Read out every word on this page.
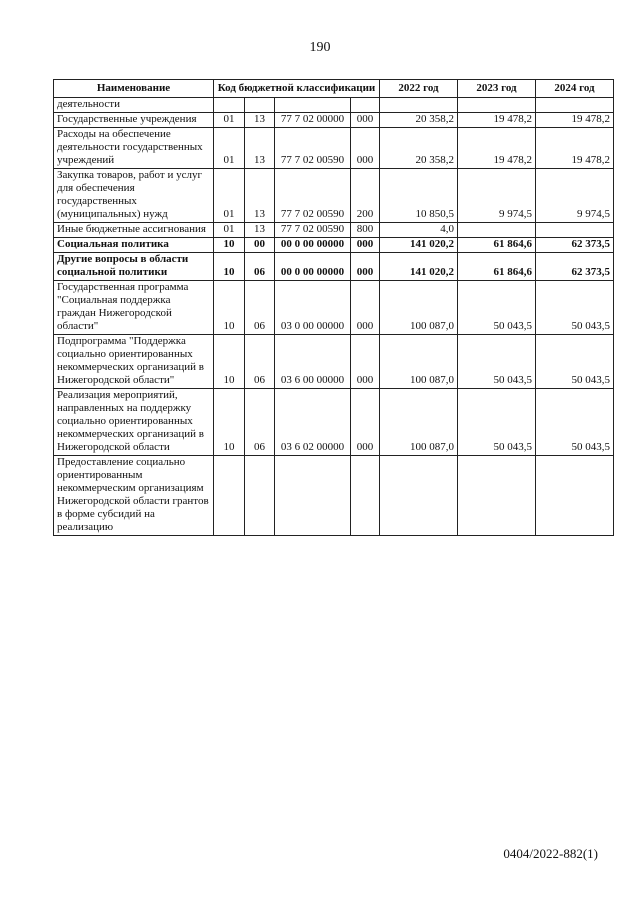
190
Наименование	Код бюджетной классификации				2022 год	2023 год	2024 год
деятельности							
Государственные учреждения	01	13	77 7 02 00000	000	20 358,2	19 478,2	19 478,2
Расходы на обеспечение деятельности государственных учреждений	01	13	77 7 02 00590	000	20 358,2	19 478,2	19 478,2
Закупка товаров, работ и услуг для обеспечения государственных (муниципальных) нужд	01	13	77 7 02 00590	200	10 850,5	9 974,5	9 974,5
Иные бюджетные ассигнования	01	13	77 7 02 00590	800	4,0		
Социальная политика	10	00	00 0 00 00000	000	141 020,2	61 864,6	62 373,5
Другие вопросы в области социальной политики	10	06	00 0 00 00000	000	141 020,2	61 864,6	62 373,5
Государственная программа "Социальная поддержка граждан Нижегородской области"	10	06	03 0 00 00000	000	100 087,0	50 043,5	50 043,5
Подпрограмма "Поддержка социально ориентированных некоммерческих организаций в Нижегородской области"	10	06	03 6 00 00000	000	100 087,0	50 043,5	50 043,5
Реализация мероприятий, направленных на поддержку социально ориентированных некоммерческих организаций в Нижегородской области	10	06	03 6 02 00000	000	100 087,0	50 043,5	50 043,5
Предоставление социально ориентированным некоммерческим организациям Нижегородской области грантов в форме субсидий на реализацию							
0404/2022-882(1)
